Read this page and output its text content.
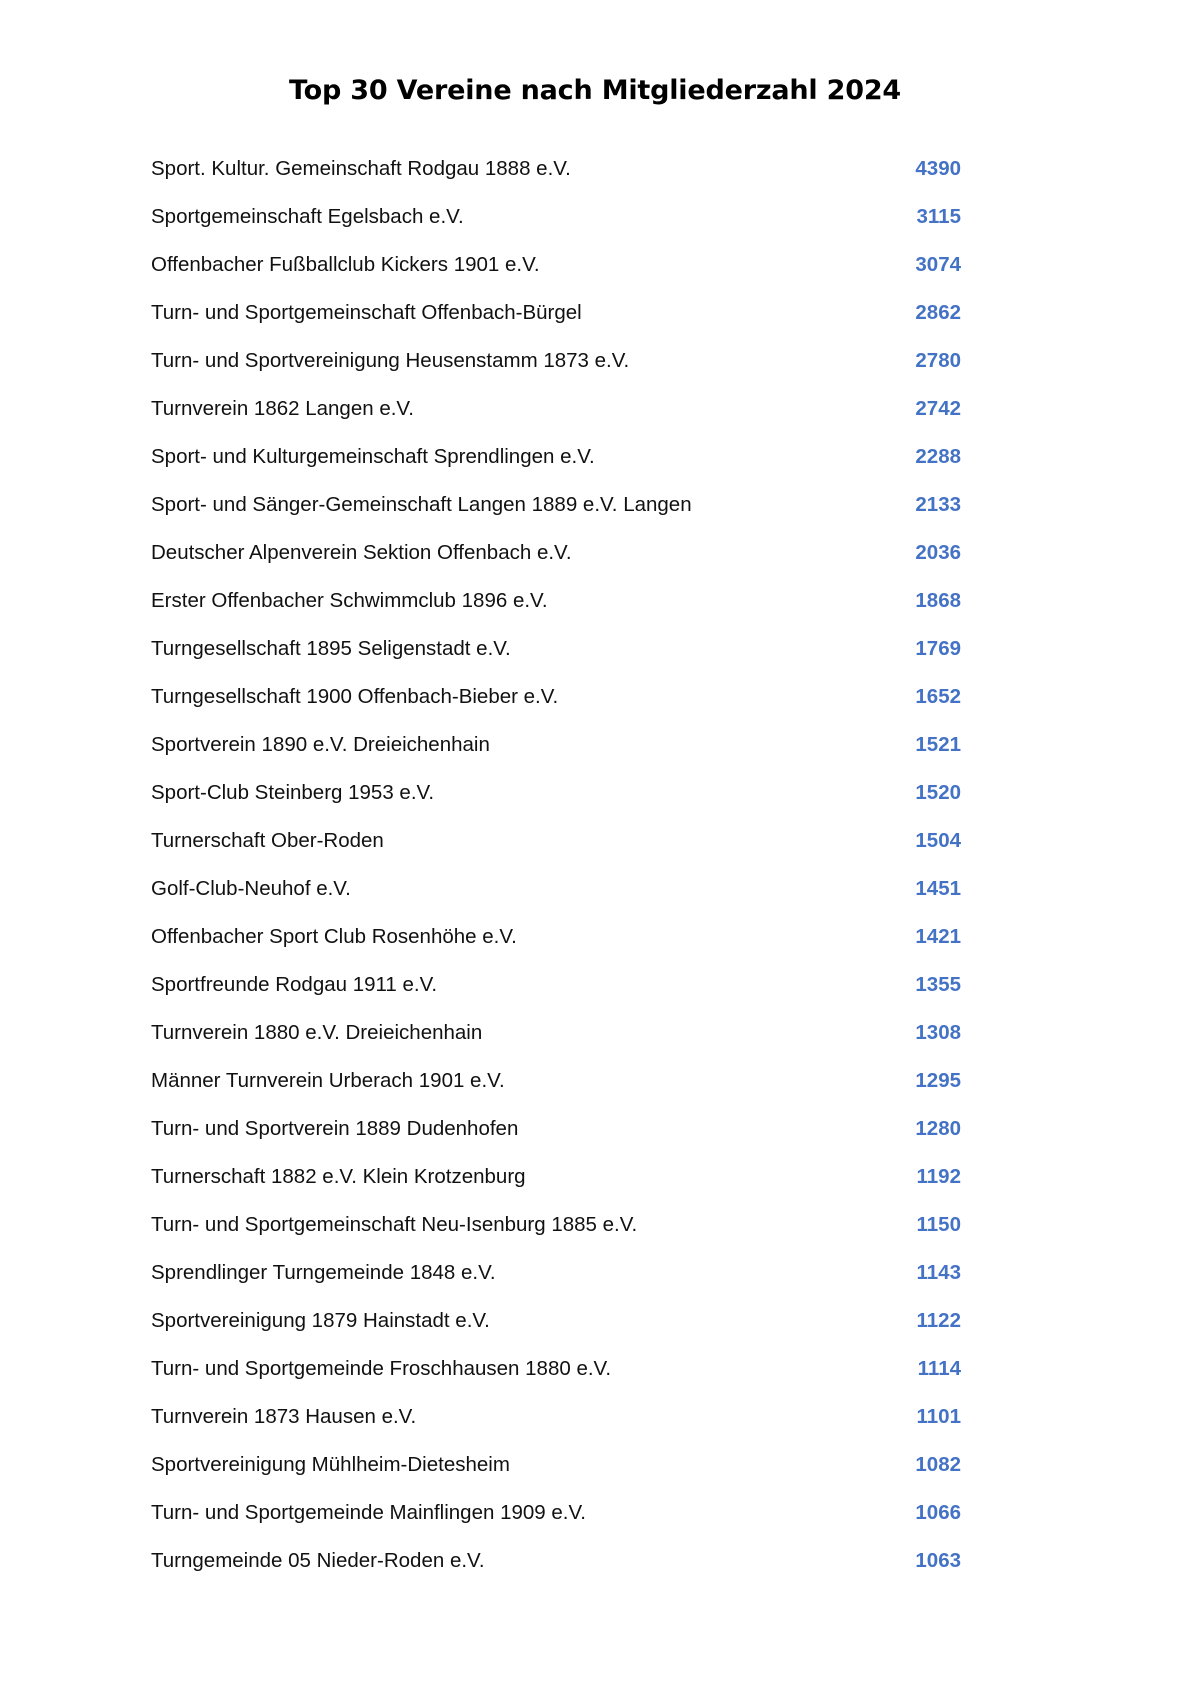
Top 30 Vereine nach Mitgliederzahl 2024
Sport. Kultur. Gemeinschaft Rodgau 1888 e.V.	4390
Sportgemeinschaft Egelsbach e.V.	3115
Offenbacher Fußballclub Kickers 1901 e.V.	3074
Turn- und Sportgemeinschaft Offenbach-Bürgel	2862
Turn- und Sportvereinigung Heusenstamm 1873 e.V.	2780
Turnverein 1862 Langen e.V.	2742
Sport- und Kulturgemeinschaft Sprendlingen e.V.	2288
Sport- und Sänger-Gemeinschaft Langen 1889 e.V. Langen	2133
Deutscher Alpenverein Sektion Offenbach e.V.	2036
Erster Offenbacher Schwimmclub 1896 e.V.	1868
Turngesellschaft 1895 Seligenstadt e.V.	1769
Turngesellschaft 1900 Offenbach-Bieber e.V.	1652
Sportverein 1890 e.V. Dreieichenhain	1521
Sport-Club Steinberg 1953 e.V.	1520
Turnerschaft Ober-Roden	1504
Golf-Club-Neuhof e.V.	1451
Offenbacher Sport Club Rosenhöhe e.V.	1421
Sportfreunde Rodgau 1911 e.V.	1355
Turnverein 1880 e.V. Dreieichenhain	1308
Männer Turnverein Urberach 1901 e.V.	1295
Turn- und Sportverein 1889 Dudenhofen	1280
Turnerschaft 1882 e.V. Klein Krotzenburg	1192
Turn- und Sportgemeinschaft Neu-Isenburg 1885 e.V.	1150
Sprendlinger Turngemeinde 1848 e.V.	1143
Sportvereinigung 1879 Hainstadt e.V.	1122
Turn- und Sportgemeinde Froschhausen 1880 e.V.	1114
Turnverein 1873 Hausen e.V.	1101
Sportvereinigung Mühlheim-Dietesheim	1082
Turn- und Sportgemeinde Mainflingen 1909 e.V.	1066
Turngemeinde 05 Nieder-Roden e.V.	1063
